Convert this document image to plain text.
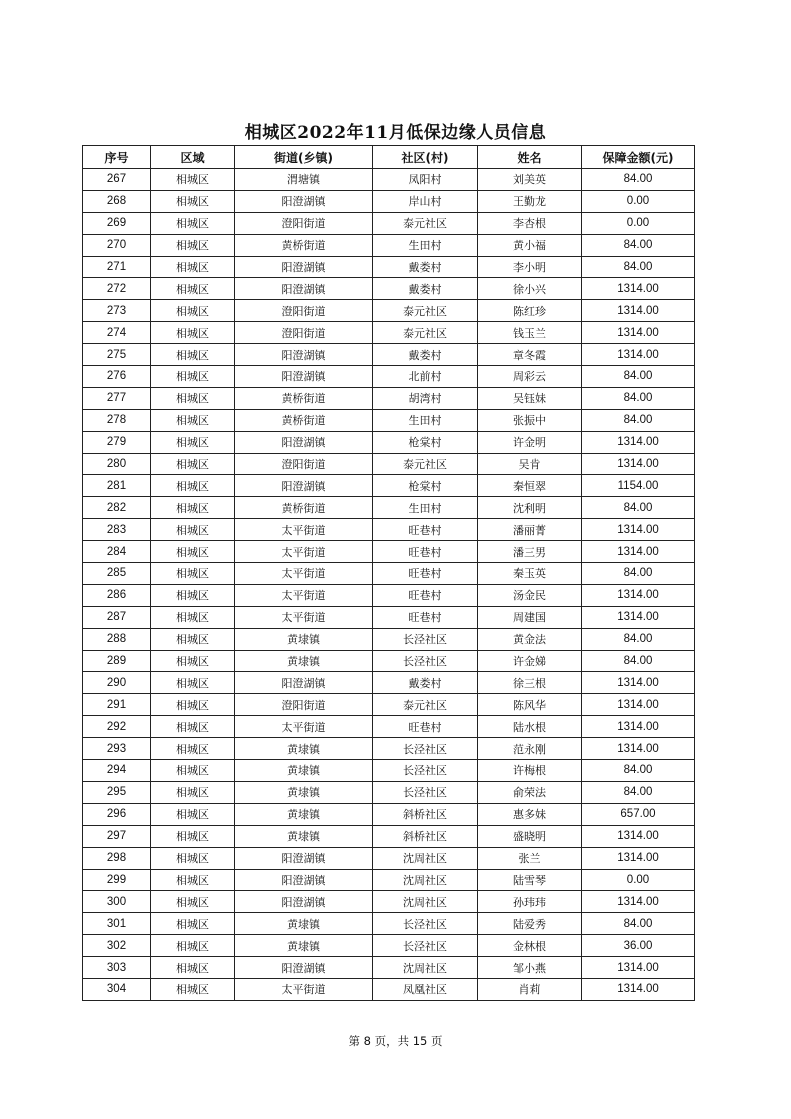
相城区2022年11月低保边缘人员信息
序号	区域	街道(乡镇)	社区(村)	姓名	保障金额(元)
267	相城区	渭塘镇	凤阳村	刘美英	84.00
268	相城区	阳澄湖镇	岸山村	王勤龙	0.00
269	相城区	澄阳街道	泰元社区	李杏根	0.00
270	相城区	黄桥街道	生田村	黄小福	84.00
271	相城区	阳澄湖镇	戴娄村	李小明	84.00
272	相城区	阳澄湖镇	戴娄村	徐小兴	1314.00
273	相城区	澄阳街道	泰元社区	陈红珍	1314.00
274	相城区	澄阳街道	泰元社区	钱玉兰	1314.00
275	相城区	阳澄湖镇	戴娄村	章冬霞	1314.00
276	相城区	阳澄湖镇	北前村	周彩云	84.00
277	相城区	黄桥街道	胡湾村	吴钰妹	84.00
278	相城区	黄桥街道	生田村	张振中	84.00
279	相城区	阳澄湖镇	枪棠村	许金明	1314.00
280	相城区	澄阳街道	泰元社区	吴肯	1314.00
281	相城区	阳澄湖镇	枪棠村	秦恒翠	1154.00
282	相城区	黄桥街道	生田村	沈利明	84.00
283	相城区	太平街道	旺巷村	潘丽菁	1314.00
284	相城区	太平街道	旺巷村	潘三男	1314.00
285	相城区	太平街道	旺巷村	秦玉英	84.00
286	相城区	太平街道	旺巷村	汤金民	1314.00
287	相城区	太平街道	旺巷村	周建国	1314.00
288	相城区	黄埭镇	长泾社区	黄金法	84.00
289	相城区	黄埭镇	长泾社区	许金娣	84.00
290	相城区	阳澄湖镇	戴娄村	徐三根	1314.00
291	相城区	澄阳街道	泰元社区	陈风华	1314.00
292	相城区	太平街道	旺巷村	陆水根	1314.00
293	相城区	黄埭镇	长泾社区	范永刚	1314.00
294	相城区	黄埭镇	长泾社区	许梅根	84.00
295	相城区	黄埭镇	长泾社区	俞荣法	84.00
296	相城区	黄埭镇	斜桥社区	惠多妹	657.00
297	相城区	黄埭镇	斜桥社区	盛晓明	1314.00
298	相城区	阳澄湖镇	沈周社区	张兰	1314.00
299	相城区	阳澄湖镇	沈周社区	陆雪琴	0.00
300	相城区	阳澄湖镇	沈周社区	孙玮玮	1314.00
301	相城区	黄埭镇	长泾社区	陆爱秀	84.00
302	相城区	黄埭镇	长泾社区	金林根	36.00
303	相城区	阳澄湖镇	沈周社区	邹小燕	1314.00
304	相城区	太平街道	凤凰社区	肖莉	1314.00
第 8 页，共 15 页
